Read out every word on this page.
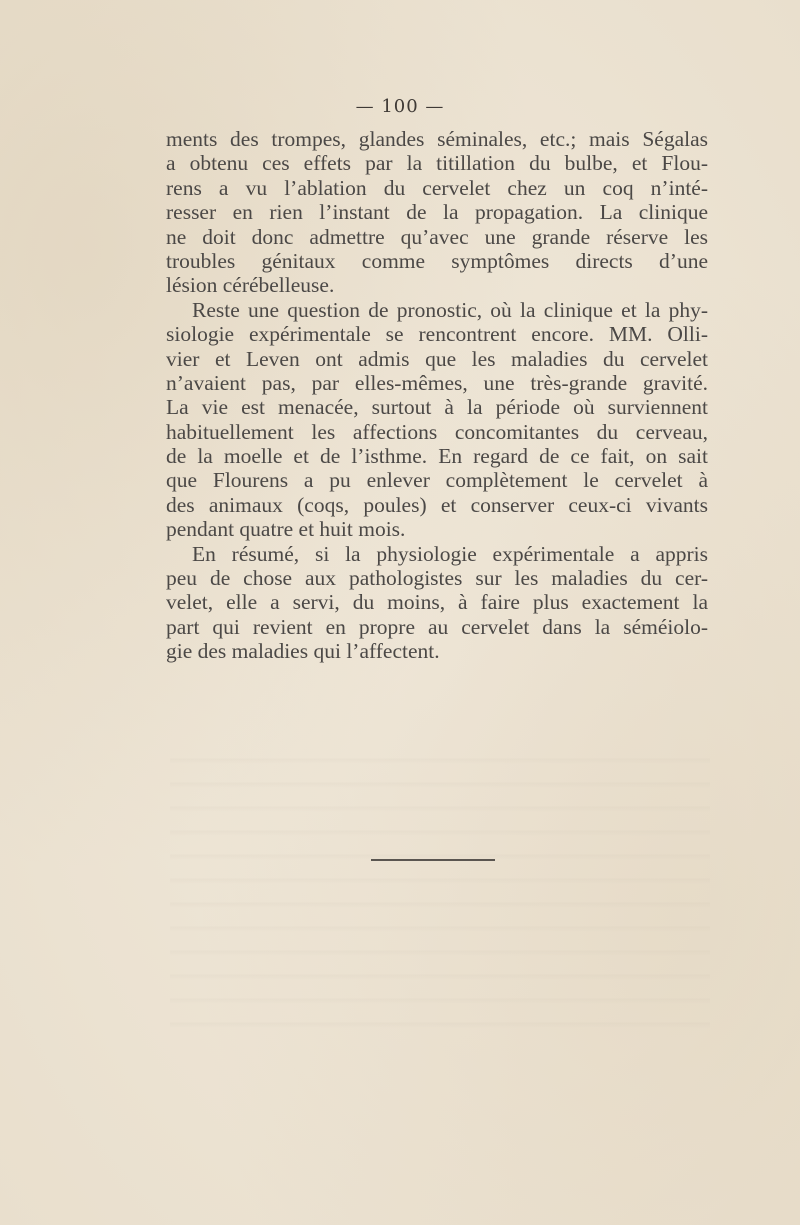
— 100 —
ments des trompes, glandes séminales, etc.; mais Ségalas
a obtenu ces effets par la titillation du bulbe, et Flou-
rens a vu l’ablation du cervelet chez un coq n’inté-
resser en rien l’instant de la propagation. La clinique
ne doit donc admettre qu’avec une grande réserve les
troubles génitaux comme symptômes directs d’une
lésion cérébelleuse.
Reste une question de pronostic, où la clinique et la phy-
siologie expérimentale se rencontrent encore. MM. Olli-
vier et Leven ont admis que les maladies du cervelet
n’avaient pas, par elles-mêmes, une très-grande gravité.
La vie est menacée, surtout à la période où surviennent
habituellement les affections concomitantes du cerveau,
de la moelle et de l’isthme. En regard de ce fait, on sait
que Flourens a pu enlever complètement le cervelet à
des animaux (coqs, poules) et conserver ceux-ci vivants
pendant quatre et huit mois.
En résumé, si la physiologie expérimentale a appris
peu de chose aux pathologistes sur les maladies du cer-
velet, elle a servi, du moins, à faire plus exactement la
part qui revient en propre au cervelet dans la séméiolo-
gie des maladies qui l’affectent.
